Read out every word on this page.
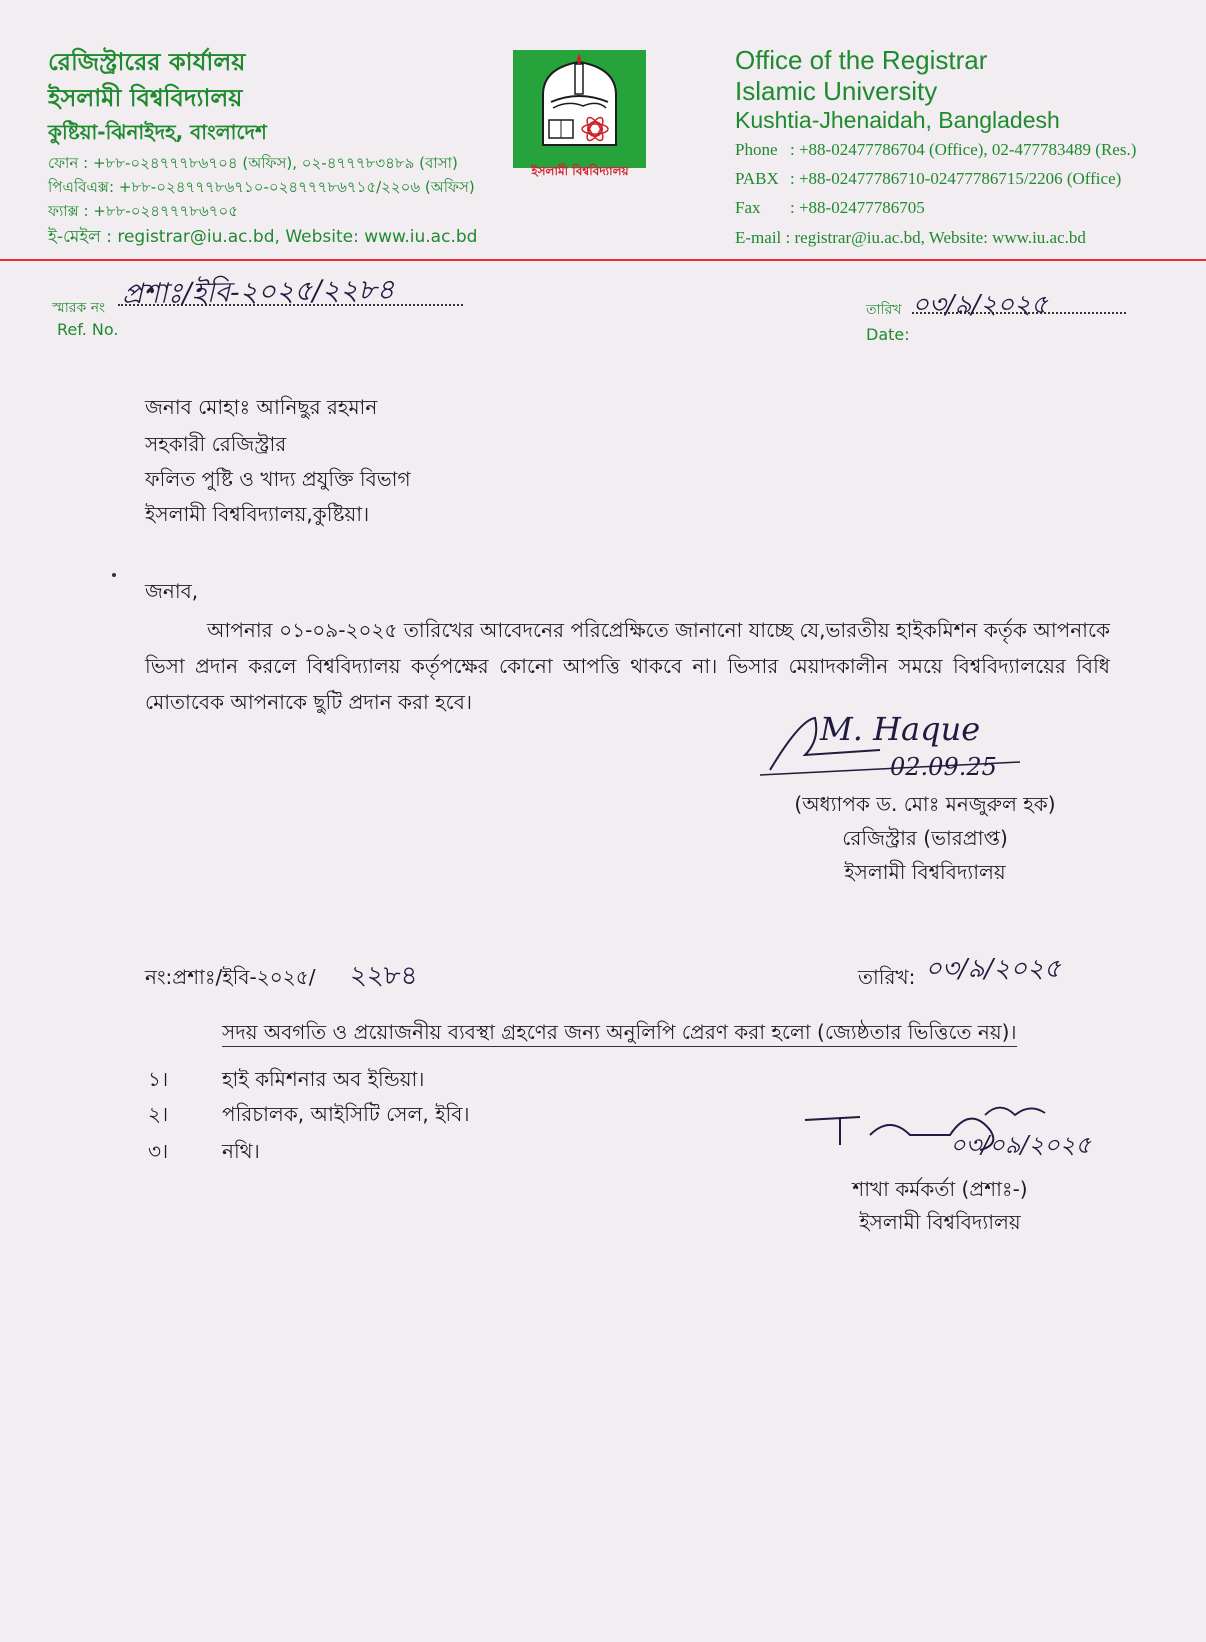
রেজিস্ট্রারের কার্যালয়
ইসলামী বিশ্ববিদ্যালয়
কুষ্টিয়া-ঝিনাইদহ, বাংলাদেশ
ফোন : +৮৮-০২৪৭৭৭৮৬৭০৪ (অফিস), ০২-৪৭৭৭৮৩৪৮৯ (বাসা)
পিএবিএক্স: +৮৮-০২৪৭৭৭৮৬৭১০-০২৪৭৭৭৮৬৭১৫/২২০৬ (অফিস)
ফ্যাক্স : +৮৮-০২৪৭৭৭৮৬৭০৫
ই-মেইল : registrar@iu.ac.bd, Website: www.iu.ac.bd
ইসলামী বিশ্ববিদ্যালয়
Office of the Registrar
Islamic University
Kushtia-Jhenaidah, Bangladesh
Phone : +88-02477786704 (Office), 02-477783489 (Res.)
PABX : +88-02477786710-02477786715/2206 (Office)
Fax : +88-02477786705
E-mail : registrar@iu.ac.bd, Website: www.iu.ac.bd
স্মারক নং প্রশাঃ/ইবি-২০২৫/২২৮৪
Ref. No.
তারিখ ০৩/৯/২০২৫
Date:
জনাব মোহাঃ আনিছুর রহমান
সহকারী রেজিস্ট্রার
ফলিত পুষ্টি ও খাদ্য প্রযুক্তি বিভাগ
ইসলামী বিশ্ববিদ্যালয়,কুষ্টিয়া।
জনাব,
আপনার ০১-০৯-২০২৫ তারিখের আবেদনের পরিপ্রেক্ষিতে জানানো যাচ্ছে যে,ভারতীয় হাইকমিশন কর্তৃক আপনাকে ভিসা প্রদান করলে বিশ্ববিদ্যালয় কর্তৃপক্ষের কোনো আপত্তি থাকবে না। ভিসার মেয়াদকালীন সময়ে বিশ্ববিদ্যালয়ের বিধি মোতাবেক আপনাকে ছুটি প্রদান করা হবে।
M. Haque
02.09.25
(অধ্যাপক ড. মোঃ মনজুরুল হক)
রেজিস্ট্রার (ভারপ্রাপ্ত)
ইসলামী বিশ্ববিদ্যালয়
নং:প্রশাঃ/ইবি-২০২৫/ ২২৮৪	তারিখ: ০৩/৯/২০২৫
সদয় অবগতি ও প্রয়োজনীয় ব্যবস্থা গ্রহণের জন্য অনুলিপি প্রেরণ করা হলো (জ্যেষ্ঠতার ভিত্তিতে নয়)।
১।	হাই কমিশনার অব ইন্ডিয়া।
২।	পরিচালক, আইসিটি সেল, ইবি।
৩।	নথি।	০৩/০৯/২০২৫
শাখা কর্মকর্তা (প্রশাঃ-)
ইসলামী বিশ্ববিদ্যালয়
